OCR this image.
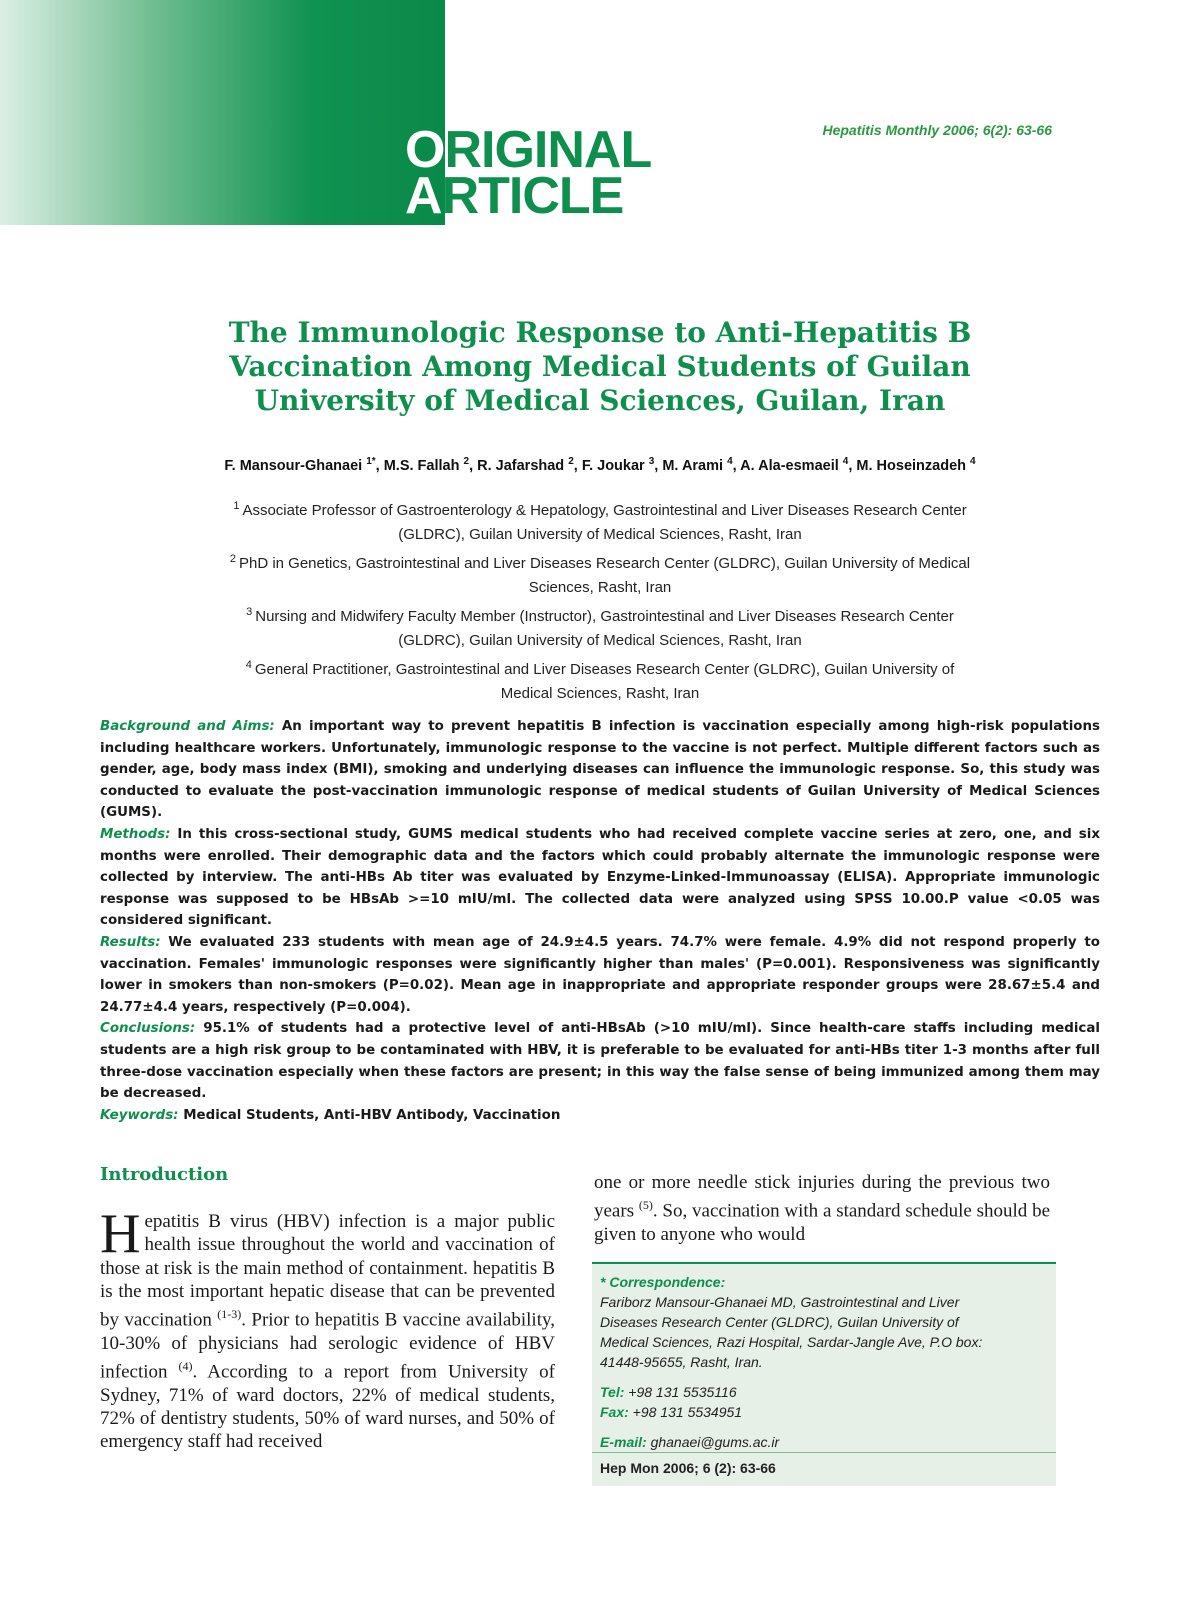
ORIGINAL
ARTICLE
Hepatitis Monthly 2006; 6(2): 63-66
The Immunologic Response to Anti-Hepatitis B
Vaccination Among Medical Students of Guilan
University of Medical Sciences, Guilan, Iran
F. Mansour-Ghanaei $^{1*}$, M.S. Fallah $^2$, R. Jafarshad $^2$, F. Joukar $^3$, M. Arami $^4$, A. Ala-esmaeil $^4$, M. Hoseinzadeh $^4$
$^1$ Associate Professor of Gastroenterology & Hepatology, Gastrointestinal and Liver Diseases Research Center
(GLDRC), Guilan University of Medical Sciences, Rasht, Iran
$^2$ PhD in Genetics, Gastrointestinal and Liver Diseases Research Center (GLDRC), Guilan University of Medical
Sciences, Rasht, Iran
$^3$ Nursing and Midwifery Faculty Member (Instructor), Gastrointestinal and Liver Diseases Research Center
(GLDRC), Guilan University of Medical Sciences, Rasht, Iran
$^4$ General Practitioner, Gastrointestinal and Liver Diseases Research Center (GLDRC), Guilan University of
Medical Sciences, Rasht, Iran

Background and Aims: An important way to prevent hepatitis B infection is vaccination especially among high-risk populations including healthcare workers. Unfortunately, immunologic response to the vaccine is not perfect. Multiple different factors such as gender, age, body mass index (BMI), smoking and underlying diseases can influence the immunologic response. So, this study was conducted to evaluate the post-vaccination immunologic response of medical students of Guilan University of Medical Sciences (GUMS).

Methods: In this cross-sectional study, GUMS medical students who had received complete vaccine series at zero, one, and six months were enrolled. Their demographic data and the factors which could probably alternate the immunologic response were collected by interview. The anti-HBs Ab titer was evaluated by Enzyme-Linked-Immunoassay (ELISA). Appropriate immunologic response was supposed to be HBsAb >=10 mIU/ml. The collected data were analyzed using SPSS 10.00.P value <0.05 was considered significant.

Results: We evaluated 233 students with mean age of 24.9±4.5 years. 74.7% were female. 4.9% did not respond properly to vaccination. Females' immunologic responses were significantly higher than males' (P=0.001). Responsiveness was significantly lower in smokers than non-smokers (P=0.02). Mean age in inappropriate and appropriate responder groups were 28.67±5.4 and 24.77±4.4 years, respectively (P=0.004).

Conclusions: 95.1% of students had a protective level of anti-HBsAb (>10 mIU/ml). Since health-care staffs including medical students are a high risk group to be contaminated with HBV, it is preferable to be evaluated for anti-HBs titer 1-3 months after full three-dose vaccination especially when these factors are present; in this way the false sense of being immunized among them may be decreased.

Keywords: Medical Students, Anti-HBV Antibody, Vaccination

Introduction
Hepatitis B virus (HBV) infection is a major public health issue throughout the world and vaccination of those at risk is the main method of containment. hepatitis B is the most important hepatic disease that can be prevented by vaccination $^{(1-3)}$. Prior to hepatitis B vaccine availability, 10-30% of physicians had serologic evidence of HBV infection $^{(4)}$. According to a report from University of Sydney, 71% of ward doctors, 22% of medical students, 72% of dentistry students, 50% of ward nurses, and 50% of emergency staff had received
one or more needle stick injuries during the previous two years $^{(5)}$. So, vaccination with a standard schedule should be given to anyone who would
* Correspondence:
Fariborz Mansour-Ghanaei MD, Gastrointestinal and Liver
Diseases Research Center (GLDRC), Guilan University of
Medical Sciences, Razi Hospital, Sardar-Jangle Ave, P.O box:
41448-95655, Rasht, Iran.
Tel: +98 131 5535116
Fax: +98 131 5534951
E-mail: ghanaei@gums.ac.ir
Hep Mon 2006; 6 (2): 63-66
